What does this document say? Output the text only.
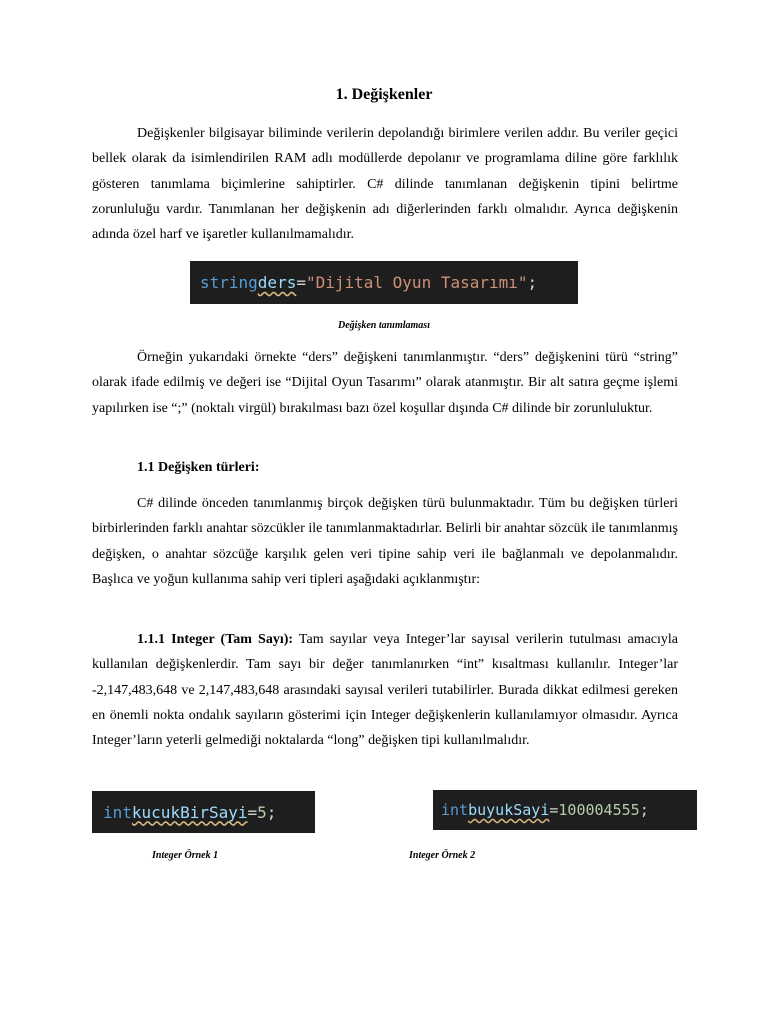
1. Değişkenler

Değişkenler bilgisayar biliminde verilerin depolandığı birimlere verilen addır. Bu veriler geçici bellek olarak da isimlendirilen RAM adlı modüllerde depolanır ve programlama diline göre farklılık gösteren tanımlama biçimlerine sahiptirler. C# dilinde tanımlanan değişkenin tipini belirtme zorunluluğu vardır. Tanımlanan her değişkenin adı diğerlerinden farklı olmalıdır. Ayrıca değişkenin adında özel harf ve işaretler kullanılmamalıdır.

string ders = "Dijital Oyun Tasarımı" ;

Değişken tanımlaması

Örneğin yukarıdaki örnekte “ders” değişkeni tanımlanmıştır. “ders” değişkenini türü “string” olarak ifade edilmiş ve değeri ise “Dijital Oyun Tasarımı” olarak atanmıştır. Bir alt satıra geçme işlemi yapılırken ise “;” (noktalı virgül) bırakılması bazı özel koşullar dışında C# dilinde bir zorunluluktur.

1.1 Değişken türleri:

C# dilinde önceden tanımlanmış birçok değişken türü bulunmaktadır. Tüm bu değişken türleri birbirlerinden farklı anahtar sözcükler ile tanımlanmaktadırlar. Belirli bir anahtar sözcük ile tanımlanmış değişken, o anahtar sözcüğe karşılık gelen veri tipine sahip veri ile bağlanmalı ve depolanmalıdır. Başlıca ve yoğun kullanıma sahip veri tipleri aşağıdaki açıklanmıştır:

1.1.1 Integer (Tam Sayı): Tam sayılar veya Integer’lar sayısal verilerin tutulması amacıyla kullanılan değişkenlerdir. Tam sayı bir değer tanımlanırken “int” kısaltması kullanılır. Integer’lar -2,147,483,648 ve 2,147,483,648 arasındaki sayısal verileri tutabilirler. Burada dikkat edilmesi gereken en önemli nokta ondalık sayıların gösterimi için Integer değişkenlerin kullanılamıyor olmasıdır. Ayrıca Integer’ların yeterli gelmediği noktalarda “long” değişken tipi kullanılmalıdır.

int kucukBirSayi = 5 ;	int buyukSayi = 100004555 ;

Integer Örnek 1	Integer Örnek 2
